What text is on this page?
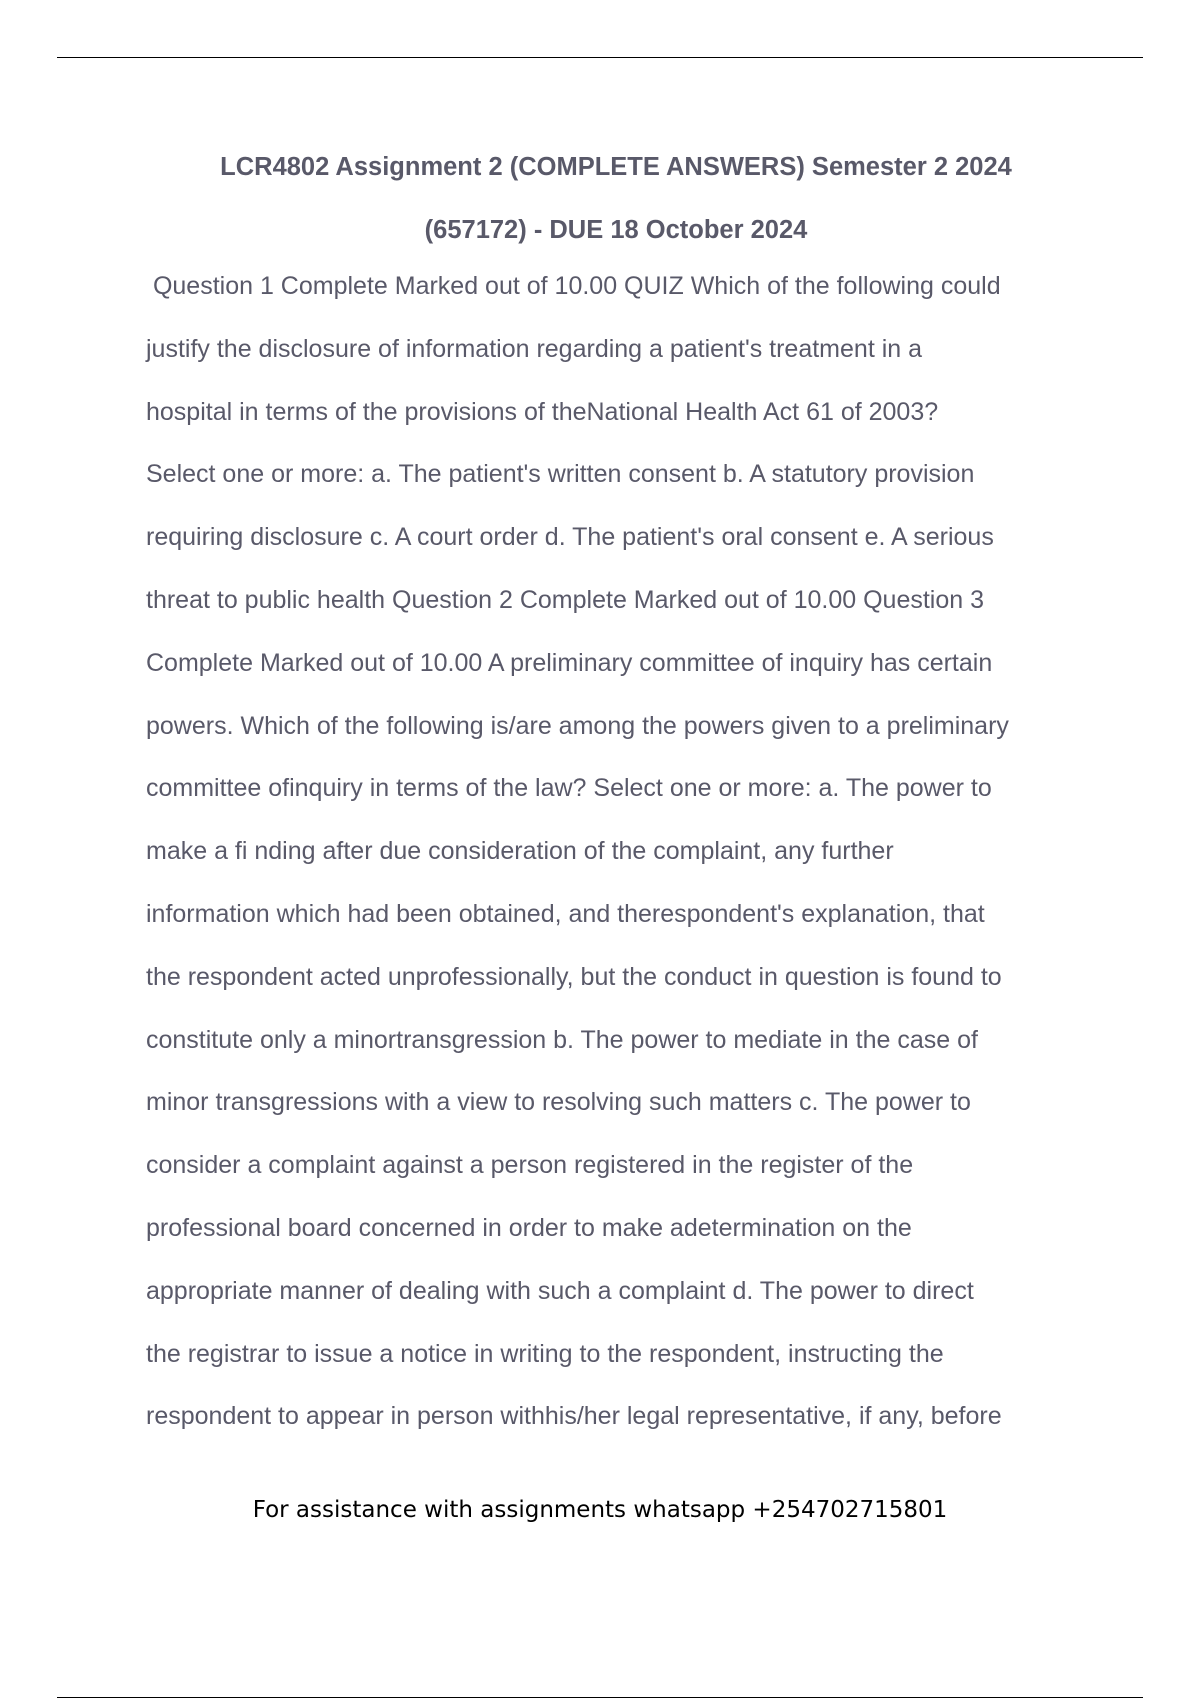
LCR4802 Assignment 2 (COMPLETE ANSWERS) Semester 2 2024
(657172) - DUE 18 October 2024
Question 1 Complete Marked out of 10.00 QUIZ Which of the following could
justify the disclosure of information regarding a patient's treatment in a
hospital in terms of the provisions of theNational Health Act 61 of 2003?
Select one or more: a. The patient's written consent b. A statutory provision
requiring disclosure c. A court order d. The patient's oral consent e. A serious
threat to public health Question 2 Complete Marked out of 10.00 Question 3
Complete Marked out of 10.00 A preliminary committee of inquiry has certain
powers. Which of the following is/are among the powers given to a preliminary
committee ofinquiry in terms of the law? Select one or more: a. The power to
make a fi nding after due consideration of the complaint, any further
information which had been obtained, and therespondent's explanation, that
the respondent acted unprofessionally, but the conduct in question is found to
constitute only a minortransgression b. The power to mediate in the case of
minor transgressions with a view to resolving such matters c. The power to
consider a complaint against a person registered in the register of the
professional board concerned in order to make adetermination on the
appropriate manner of dealing with such a complaint d. The power to direct
the registrar to issue a notice in writing to the respondent, instructing the
respondent to appear in person withhis/her legal representative, if any, before
For assistance with assignments whatsapp +254702715801
